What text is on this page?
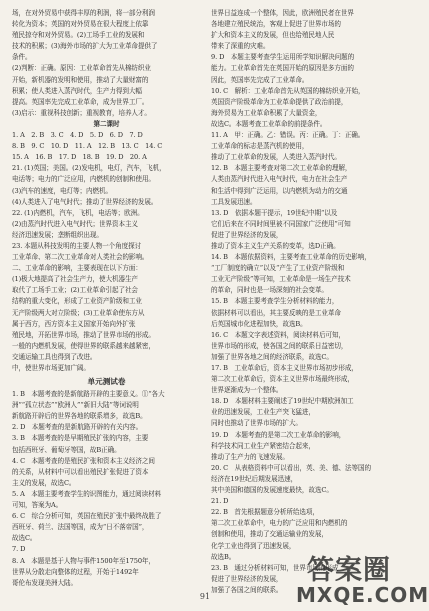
场，在对外贸易中获得丰厚的利润，将一部分利润
转化为资本；英国的对外贸易在很大程度上依靠
殖民掠夺和对外贸易。(2)工场手工业的发展和
技术的积累；(3)海外市场的扩大为工业革命提供了
条件。
(2)判断：正确。原因：工业革命首先从棉纺织业
开始，新机器的发明和使用，推动了大量财富的
积累；使人类进入蒸汽时代，生产力得到大幅
提高。英国率先完成工业革命，成为世界工厂。
(3)启示：重视科技创新；重视教育，培养人才。
第二课时
1. A　2. B　3. C　4. D　5. D　6. D　7. D
8. B　9. C　10. D　11. A　12. B　13. C　14. C
15. A　16. B　17. D　18. B　19. D　20. A
21. (1)英国；美国。(2)发电机，电灯，汽车，飞机，
电话等；电力的广泛应用，内燃机的创制和使用。
(3)汽车的速度，电灯等；内燃机。
(4)人类进入了电气时代；推动了世界经济的发展。
22. (1)内燃机，汽车，飞机，电话等；欧洲。
(2)由蒸汽时代进入电气时代；世界资本主义
经济迅速发展；垄断组织出现。
23. 本题从科技发明的主要人物一个角度探讨
工业革命、第二次工业革命对人类社会的影响。
二、工业革命的影响，主要表现在以下方面：
(1)极大地提高了社会生产力，使大机器生产
取代了工场手工业；(2)工业革命引起了社会
结构的重大变化，形成了工业资产阶级和工业
无产阶级两大对立阶级；(3)工业革命使东方从
属于西方，西方资本主义国家开始向外扩张
殖民地，开拓世界市场，推动了世界市场的形成。
一般的内燃机发展，使得世界的联系越来越紧密，
交通运输工具也得到了改进。
中，使世界市场更加广阔。
单元测试卷
1. B　本题考查的是新航路开辟的主要意义。①“各大
洲”“孤立状态”“欧洲人”“新旧大陆”等词说明
新航路开辟后的世界各地的联系增多，故选B。
2. D　本题考查的是新航路开辟的有关内容。
3. B　本题考查的是早期殖民扩张的内容，主要
包括西班牙、葡萄牙等国，故B正确。
4. C　本题考查的是殖民扩张和资本主义经济之间
的关系，从材料中可以看出殖民扩张促进了资本
主义的发展，故选C。
5. A　本题主要考查学生的识图能力，通过阅读材料
可知，答案为A。
6. C　综合分析可知，英国在殖民扩张中最终战胜了
西班牙、荷兰、法国等国，成为“日不落帝国”，
故选C。
7. D
8. A　本题是基于人物与事件1500年至1750年，
世界从分散走向整体的过程，开始于1492年
哥伦布发现美洲大陆。
世界日益连成一个整体，因此，欧洲殖民者在世界
各地建立殖民统治，客观上促进了世界市场的
扩大和资本主义的发展，但也给殖民地人民
带来了深重的灾难。
9. D　本题主要考查学生运用所学知识解决问题的
能力。工业革命首先在英国开始的原因是多方面的
因此，英国率先完成了工业革命。
10. C　解析：工业革命首先从英国的棉纺织业开始，
英国资产阶级革命为工业革命提供了政治前提，
海外贸易为工业革命积累了大量资金，
故选C。本题考查工业革命的前提条件。
11. A　甲：正确。乙：错误。丙：正确。丁：正确。
工业革命的标志是蒸汽机的使用，
推动了工业革命的发展，人类进入蒸汽时代。
12. B　本题主要考查对第二次工业革命的理解，
人类由蒸汽时代进入电气时代，电力在社会生产
和生活中得到广泛运用，以内燃机为动力的交通
工具发展迅速。
13. D　依据本题干提示，19世纪中期“以及
它们后来在不同时间里被不同国家广泛使用”可知
促进了世界经济的发展，
推动了资本主义生产关系的变革，选D正确。
14. B　本题依据资料，主要考查工业革命的历史影响，
“工厂制度的确立”以及“产生了工业资产阶级和
工业无产阶级”等可知，工业革命是一场生产技术
的革命，同时也是一场深刻的社会变革。
15. B　本题主要考查学生分析材料的能力，
依据材料可以看出，其主要反映的是工业革命
后英国城市化进程加快，故选B。
16. C　本题文字表述资料，阅读材料后可知，
世界市场的形成，使各国之间的联系日益密切，
加强了世界各地之间的经济联系，故选C。
17. B　工业革命后，资本主义世界市场初步形成，
第二次工业革命后，资本主义世界市场最终形成，
世界逐渐成为一个整体。
18. D　本题材料主要阐述了19世纪中期欧洲加工
业的迅速发展，工业生产突飞猛进，
同时也推动了世界市场的扩大。
19. D　本题考查的是第二次工业革命的影响，
科学技术同工业生产紧密结合起来，
推动了生产力的飞速发展。
20. C　从表格资料中可以看出，英、美、德、法等国的
经济在19世纪后期发展迅速，
其中美国和德国的发展速度最快，故选C。
21. D
22. B　首先根据题意分析所给选项，
第二次工业革命中，电力的广泛应用和内燃机的
创制和使用，推动了交通运输业的发展，
化学工业也得到了迅速发展，
故选B。
23. B　通过分析材料可知，世界市场的形成
促进了世界经济的发展，
加强了各国之间的联系。
91
答案圈
MXQE.COM
